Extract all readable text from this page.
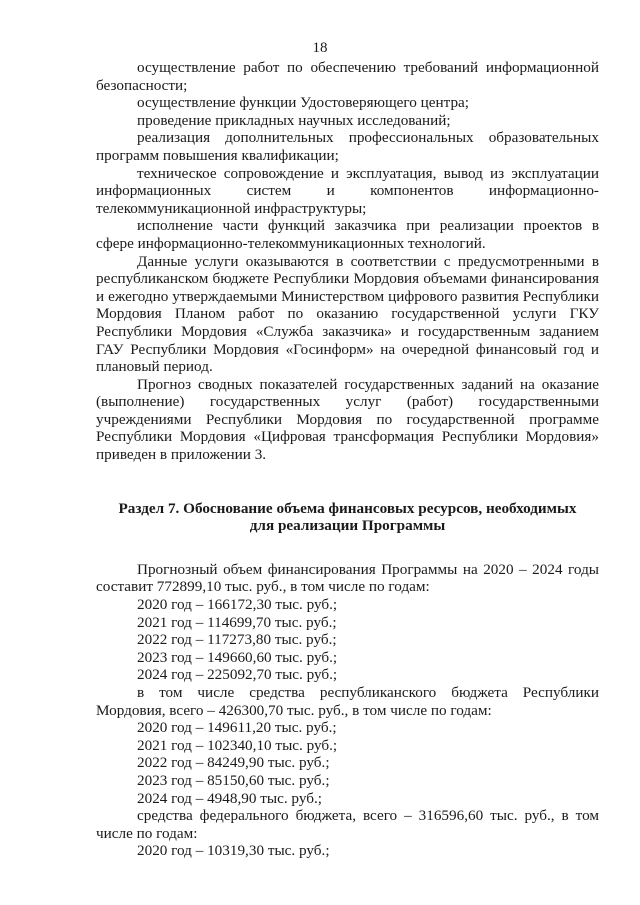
18

осуществление работ по обеспечению требований информационной безопасности;

осуществление функции Удостоверяющего центра;

проведение прикладных научных исследований;

реализация дополнительных профессиональных образовательных программ повышения квалификации;

техническое сопровождение и эксплуатация, вывод из эксплуатации информационных систем и компонентов информационно-телекоммуникационной инфраструктуры;

исполнение части функций заказчика при реализации проектов в сфере информационно-телекоммуникационных технологий.

Данные услуги оказываются в соответствии с предусмотренными в республиканском бюджете Республики Мордовия объемами финансирования и ежегодно утверждаемыми Министерством цифрового развития Республики Мордовия Планом работ по оказанию государственной услуги ГКУ Республики Мордовия «Служба заказчика» и государственным заданием ГАУ Республики Мордовия «Госинформ» на очередной финансовый год и плановый период.

Прогноз сводных показателей государственных заданий на оказание (выполнение) государственных услуг (работ) государственными учреждениями Республики Мордовия по государственной программе Республики Мордовия «Цифровая трансформация Республики Мордовия» приведен в приложении 3.

Раздел 7. Обоснование объема финансовых ресурсов, необходимых
для реализации Программы

Прогнозный объем финансирования Программы на 2020 – 2024 годы составит 772899,10 тыс. руб., в том числе по годам:

2020 год – 166172,30 тыс. руб.;

2021 год – 114699,70 тыс. руб.;

2022 год – 117273,80 тыс. руб.;

2023 год – 149660,60 тыс. руб.;

2024 год – 225092,70 тыс. руб.;

в том числе средства республиканского бюджета Республики Мордовия, всего – 426300,70 тыс. руб., в том числе по годам:

2020 год – 149611,20 тыс. руб.;

2021 год – 102340,10 тыс. руб.;

2022 год – 84249,90 тыс. руб.;

2023 год – 85150,60 тыс. руб.;

2024 год – 4948,90 тыс. руб.;

средства федерального бюджета, всего – 316596,60 тыс. руб., в том числе по годам:

2020 год – 10319,30 тыс. руб.;
